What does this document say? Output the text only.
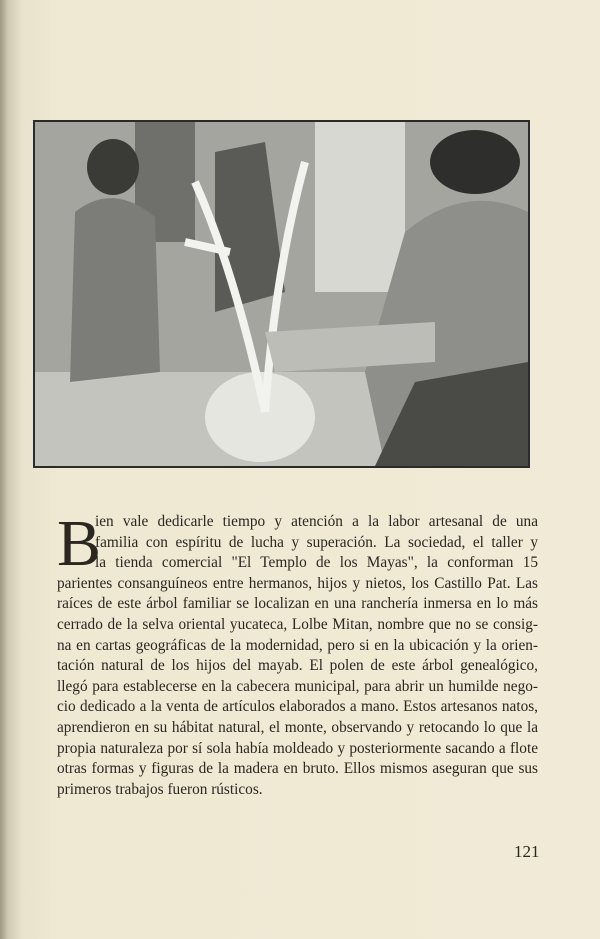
B
ien vale dedicarle tiempo y atención a la labor artesanal de una
familia con espíritu de lucha y superación. La sociedad, el taller y
la tienda comercial "El Templo de los Mayas", la conforman 15
parientes consanguíneos entre hermanos, hijos y nietos, los Castillo Pat. Las
raíces de este árbol familiar se localizan en una ranchería inmersa en lo más
cerrado de la selva oriental yucateca, Lolbe Mitan, nombre que no se consig-
na en cartas geográficas de la modernidad, pero si en la ubicación y la orien-
tación natural de los hijos del mayab. El polen de este árbol genealógico,
llegó para establecerse en la cabecera municipal, para abrir un humilde nego-
cio dedicado a la venta de artículos elaborados a mano. Estos artesanos natos,
aprendieron en su hábitat natural, el monte, observando y retocando lo que la
propia naturaleza por sí sola había moldeado y posteriormente sacando a flote
otras formas y figuras de la madera en bruto. Ellos mismos aseguran que sus
primeros trabajos fueron rústicos.
121
